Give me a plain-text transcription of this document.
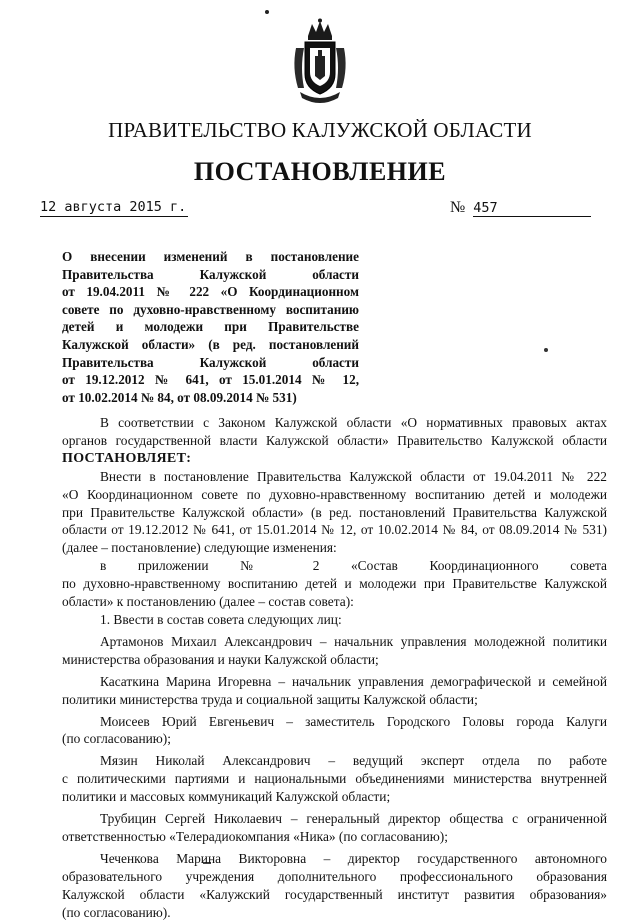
ПРАВИТЕЛЬСТВО КАЛУЖСКОЙ ОБЛАСТИ
ПОСТАНОВЛЕНИЕ
12 августа 2015 г.	№ 457
О внесении изменений в постановление
Правительства Калужской области
от 19.04.2011 № 222 «О Координационном
совете по духовно-нравственному воспитанию
детей и молодежи при Правительстве
Калужской области» (в ред. постановлений
Правительства Калужской области
от 19.12.2012 № 641, от 15.01.2014 № 12,
от 10.02.2014 № 84, от 08.09.2014 № 531)
В соответствии с Законом Калужской области «О нормативных правовых актах
органов государственной власти Калужской области» Правительство Калужской области
ПОСТАНОВЛЯЕТ:
Внести в постановление Правительства Калужской области от 19.04.2011 № 222
«О Координационном совете по духовно-нравственному воспитанию детей и молодежи
при Правительстве Калужской области» (в ред. постановлений Правительства Калужской
области от 19.12.2012 № 641, от 15.01.2014 № 12, от 10.02.2014 № 84, от 08.09.2014 № 531)
(далее – постановление) следующие изменения:
в приложении № 2 «Состав Координационного совета
по духовно-нравственному воспитанию детей и молодежи при Правительстве Калужской
области» к постановлению (далее – состав совета):
1. Ввести в состав совета следующих лиц:
Артамонов Михаил Александрович – начальник управления молодежной политики
министерства образования и науки Калужской области;
Касаткина Марина Игоревна – начальник управления демографической и семейной
политики министерства труда и социальной защиты Калужской области;
Моисеев Юрий Евгеньевич – заместитель Городского Головы города Калуги
(по согласованию);
Мязин Николай Александрович – ведущий эксперт отдела по работе
с политическими партиями и национальными объединениями министерства внутренней
политики и массовых коммуникаций Калужской области;
Трубицин Сергей Николаевич – генеральный директор общества с ограниченной
ответственностью «Телерадиокомпания «Ника» (по согласованию);
Чеченкова Марина Викторовна – директор государственного автономного
образовательного учреждения дополнительного профессионального образования
Калужской области «Калужский государственный институт развития образования»
(по согласованию).
